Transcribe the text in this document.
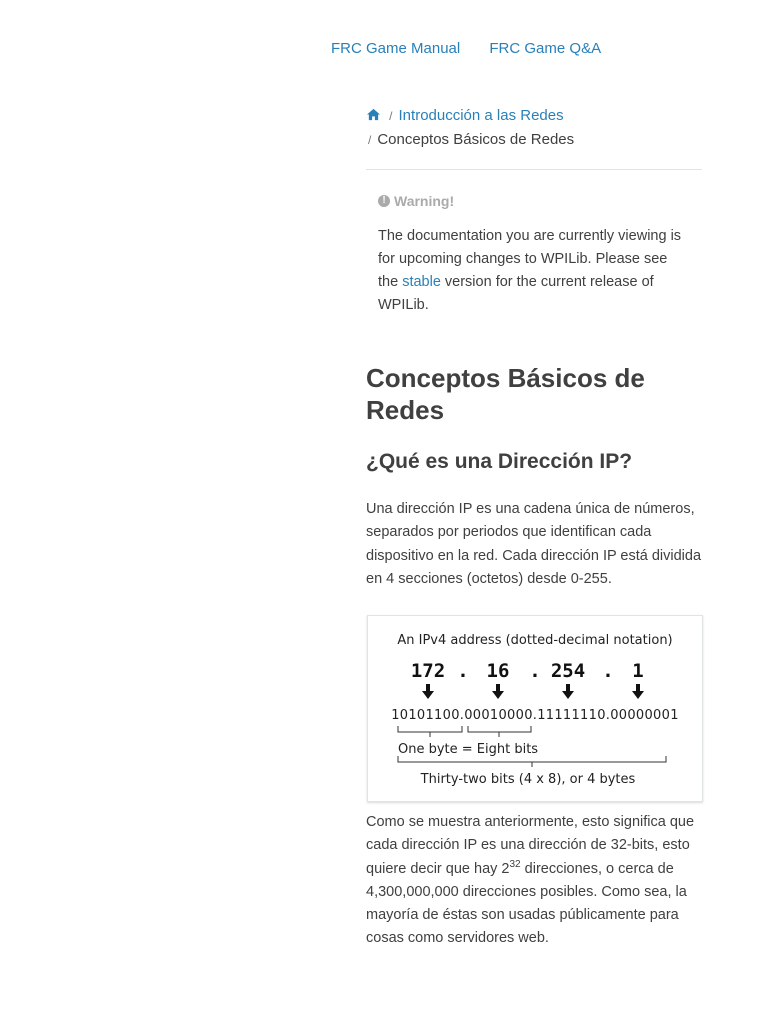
FRC Game Manual FRC Game Q&A
/ Introducción a las Redes
/ Conceptos Básicos de Redes
! Warning!
The documentation you are currently viewing is for upcoming changes to WPILib. Please see the stable version for the current release of WPILib.
Conceptos Básicos de Redes
¿Qué es una Dirección IP?

Una dirección IP es una cadena única de números, separados por periodos que identifican cada dispositivo en la red. Cada dirección IP está dividida en 4 secciones (octetos) desde 0-255.

An IPv4 address (dotted-decimal notation)
172 . 16 . 254 . 1
10101100.00010000.11111110.00000001
One byte = Eight bits
Thirty-two bits (4 x 8), or 4 bytes

Como se muestra anteriormente, esto significa que cada dirección IP es una dirección de 32-bits, esto quiere decir que hay $2^{32}$ direcciones, o cerca de 4,300,000,000 direcciones posibles. Como sea, la mayoría de éstas son usadas públicamente para cosas como servidores web.
